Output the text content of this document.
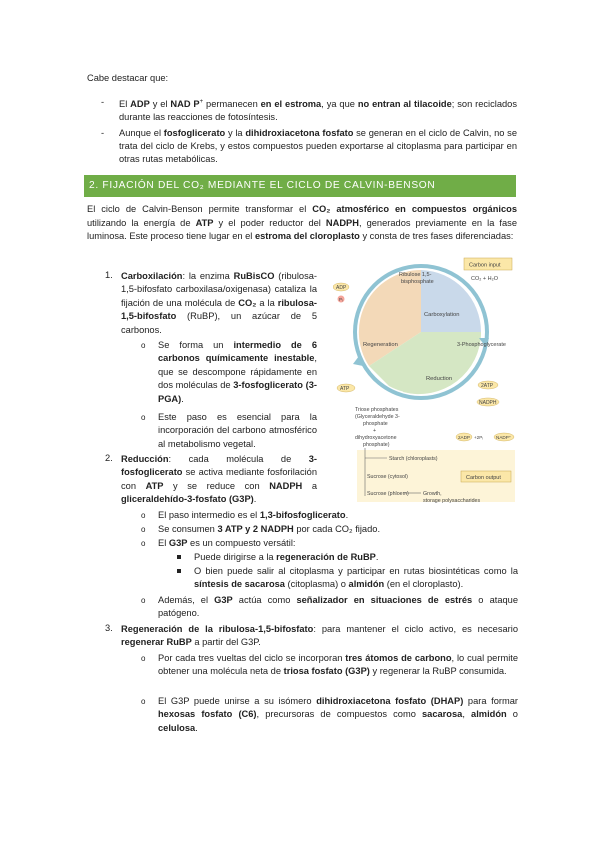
Cabe destacar que:

- El ADP y el NAD P+ permanecen en el estroma, ya que no entran al tilacoide; son reciclados durante las reacciones de fotosíntesis.
- Aunque el fosfoglicerato y la dihidroxiacetona fosfato se generan en el ciclo de Calvin, no se trata del ciclo de Krebs, y estos compuestos pueden exportarse al citoplasma para participar en otras rutas metabólicas.
2. FIJACIÓN DEL CO₂ MEDIANTE EL CICLO DE CALVIN-BENSON

El ciclo de Calvin-Benson permite transformar el CO₂ atmosférico en compuestos orgánicos utilizando la energía de ATP y el poder reductor del NADPH, generados previamente en la fase luminosa. Este proceso tiene lugar en el estroma del cloroplasto y consta de tres fases diferenciadas:

1. Carboxilación: la enzima RuBisCO (ribulosa-1,5-bifosfato carboxilasa/oxigenasa) cataliza la fijación de una molécula de CO₂ a la ribulosa-1,5-bifosfato (RuBP), un azúcar de 5 carbonos.

o Se forma un intermedio de 6 carbonos químicamente inestable, que se descompone rápidamente en dos moléculas de 3-fosfoglicerato (3-PGA).
o Este paso es esencial para la incorporación del carbono atmosférico al metabolismo vegetal.
2. Reducción: cada molécula de 3-fosfoglicerato se activa mediante fosforilación con ATP y se reduce con NADPH a gliceraldehído-3-fosfato (G3P).

o El paso intermedio es el 1,3-bifosfoglicerato.
o Se consumen 3 ATP y 2 NADPH por cada CO₂ fijado.
o El G3P es un compuesto versátil:
Puede dirigirse a la regeneración de RuBP.
O bien puede salir al citoplasma y participar en rutas biosintéticas como la síntesis de sacarosa (citoplasma) o almidón (en el cloroplasto).
o Además, el G3P actúa como señalizador en situaciones de estrés o ataque patógeno.
3. Regeneración de la ribulosa-1,5-bifosfato: para mantener el ciclo activo, es necesario regenerar RuBP a partir del G3P.

o Por cada tres vueltas del ciclo se incorporan tres átomos de carbono, lo cual permite obtener una molécula neta de triosa fosfato (G3P) y regenerar la RuBP consumida.
o El G3P puede unirse a su isómero dihidroxiacetona fosfato (DHAP) para formar hexosas fosfato (C6), precursoras de compuestos como sacarosa, almidón o celulosa.
Carbon input
CO₂ + H₂O
Ribulose 1,5-
bisphosphate
Carboxylation
3-Phosphoglycerate
Regeneration
Reduction
ADP
Pᵢ
ATP	2ATP
NADPH
2ADP +2Pᵢ	NADP⁺
Triose phosphates
(Glyceraldehyde 3-
phosphate
+
dihydroxyacetone
phosphate)
Starch (chloroplasts)
Sucrose (cytosol)	Carbon output
Sucrose (phloem)	Growth,
storage polysaccharides
